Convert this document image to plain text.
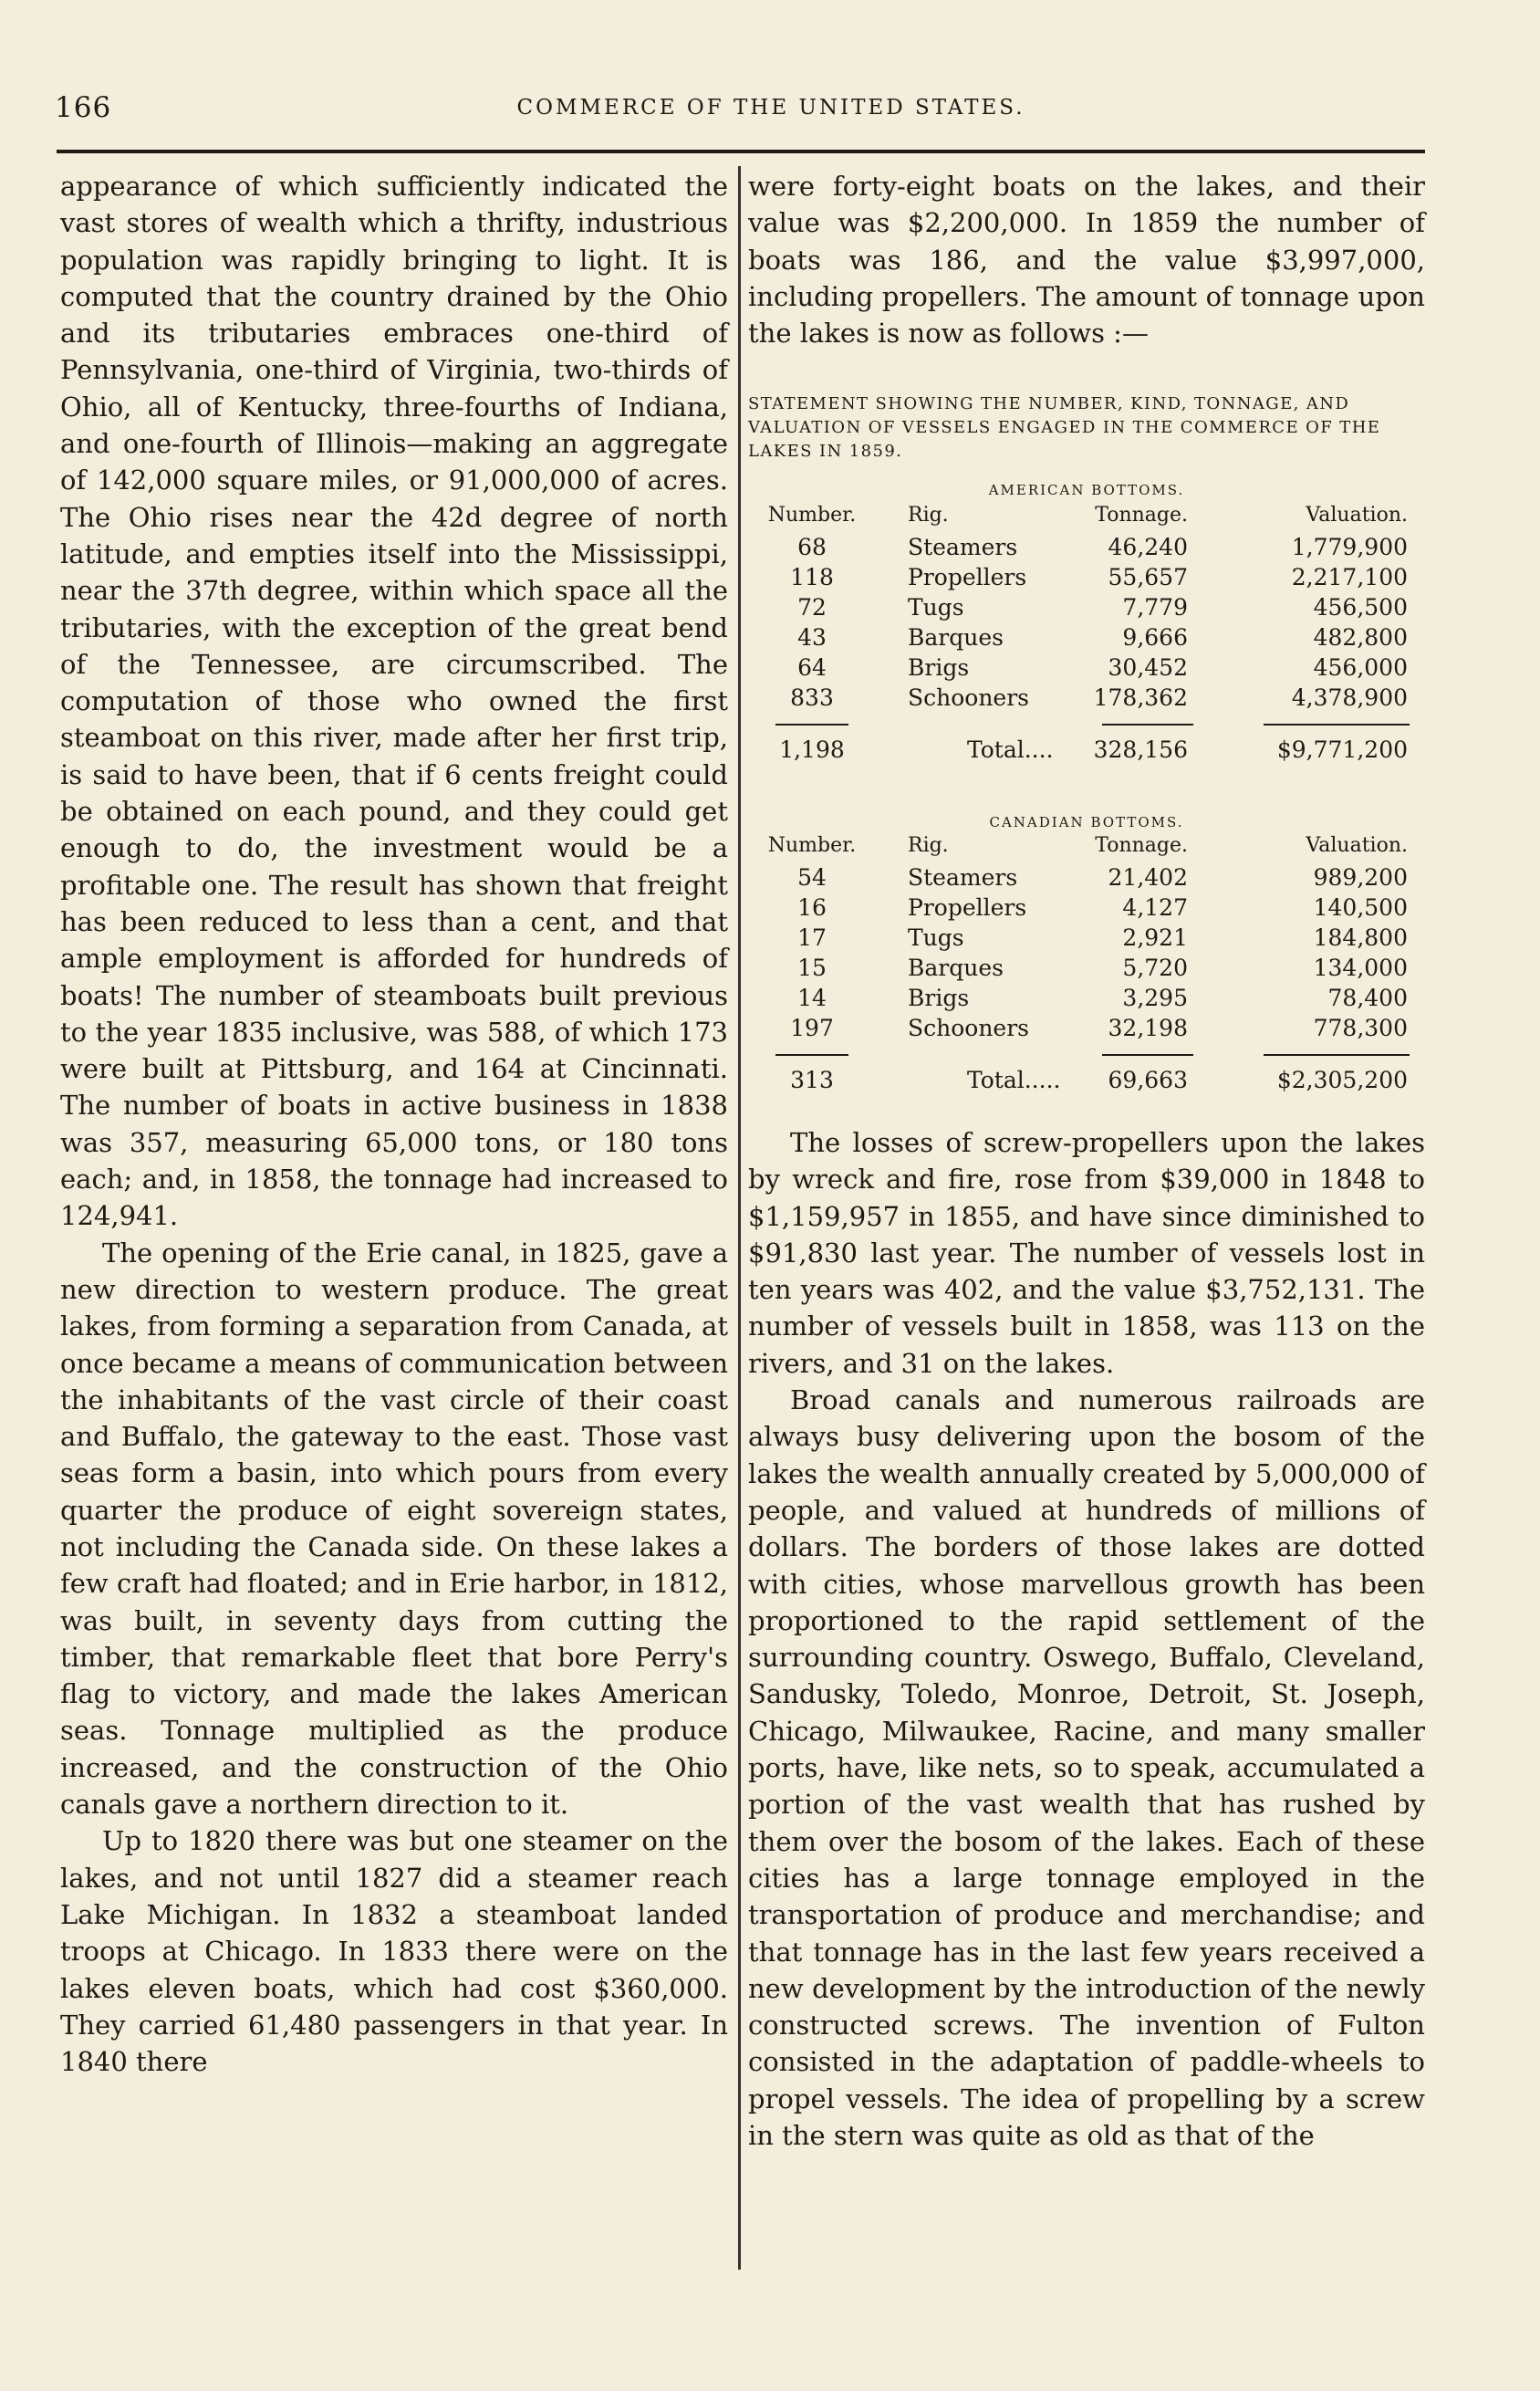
166	COMMERCE OF THE UNITED STATES.

appearance of which sufficiently indicated the vast stores of wealth which a thrifty, industrious population was rapidly bringing to light. It is computed that the country drained by the Ohio and its tributaries embraces one-third of Pennsylvania, one-third of Virginia, two-thirds of Ohio, all of Kentucky, three-fourths of Indiana, and one-fourth of Illinois—making an aggregate of 142,000 square miles, or 91,000,000 of acres. The Ohio rises near the 42d degree of north latitude, and empties itself into the Mississippi, near the 37th degree, within which space all the tributaries, with the exception of the great bend of the Tennessee, are circumscribed. The computation of those who owned the first steamboat on this river, made after her first trip, is said to have been, that if 6 cents freight could be obtained on each pound, and they could get enough to do, the investment would be a profitable one. The result has shown that freight has been reduced to less than a cent, and that ample employment is afforded for hundreds of boats! The number of steamboats built previous to the year 1835 inclusive, was 588, of which 173 were built at Pittsburg, and 164 at Cincinnati. The number of boats in active business in 1838 was 357, measuring 65,000 tons, or 180 tons each; and, in 1858, the tonnage had increased to 124,941.

The opening of the Erie canal, in 1825, gave a new direction to western produce. The great lakes, from forming a separation from Canada, at once became a means of communication between the inhabitants of the vast circle of their coast and Buffalo, the gateway to the east. Those vast seas form a basin, into which pours from every quarter the produce of eight sovereign states, not including the Canada side. On these lakes a few craft had floated; and in Erie harbor, in 1812, was built, in seventy days from cutting the timber, that remarkable fleet that bore Perry's flag to victory, and made the lakes American seas. Tonnage multiplied as the produce increased, and the construction of the Ohio canals gave a northern direction to it.

Up to 1820 there was but one steamer on the lakes, and not until 1827 did a steamer reach Lake Michigan. In 1832 a steamboat landed troops at Chicago. In 1833 there were on the lakes eleven boats, which had cost $360,000. They carried 61,480 passengers in that year. In 1840 there

were forty-eight boats on the lakes, and their value was $2,200,000. In 1859 the number of boats was 186, and the value $3,997,000, including propellers. The amount of tonnage upon the lakes is now as follows :—

STATEMENT SHOWING THE NUMBER, KIND, TONNAGE, AND VALUATION OF VESSELS ENGAGED IN THE COMMERCE OF THE LAKES IN 1859.
AMERICAN BOTTOMS.
Number.	Rig.	Tonnage.	Valuation.
68	Steamers	46,240	1,779,900
118	Propellers	55,657	2,217,100
72	Tugs	7,779	456,500
43	Barques	9,666	482,800
64	Brigs	30,452	456,000
833	Schooners	178,362	4,378,900
1,198	Total....	328,156	$9,771,200
CANADIAN BOTTOMS.
Number.	Rig.	Tonnage.	Valuation.
54	Steamers	21,402	989,200
16	Propellers	4,127	140,500
17	Tugs	2,921	184,800
15	Barques	5,720	134,000
14	Brigs	3,295	78,400
197	Schooners	32,198	778,300
313	Total.....	69,663	$2,305,200

The losses of screw-propellers upon the lakes by wreck and fire, rose from $39,000 in 1848 to $1,159,957 in 1855, and have since diminished to $91,830 last year. The number of vessels lost in ten years was 402, and the value $3,752,131. The number of vessels built in 1858, was 113 on the rivers, and 31 on the lakes.

Broad canals and numerous railroads are always busy delivering upon the bosom of the lakes the wealth annually created by 5,000,000 of people, and valued at hundreds of millions of dollars. The borders of those lakes are dotted with cities, whose marvellous growth has been proportioned to the rapid settlement of the surrounding country. Oswego, Buffalo, Cleveland, Sandusky, Toledo, Monroe, Detroit, St. Joseph, Chicago, Milwaukee, Racine, and many smaller ports, have, like nets, so to speak, accumulated a portion of the vast wealth that has rushed by them over the bosom of the lakes. Each of these cities has a large tonnage employed in the transportation of produce and merchandise; and that tonnage has in the last few years received a new development by the introduction of the newly constructed screws. The invention of Fulton consisted in the adaptation of paddle-wheels to propel vessels. The idea of propelling by a screw in the stern was quite as old as that of the
